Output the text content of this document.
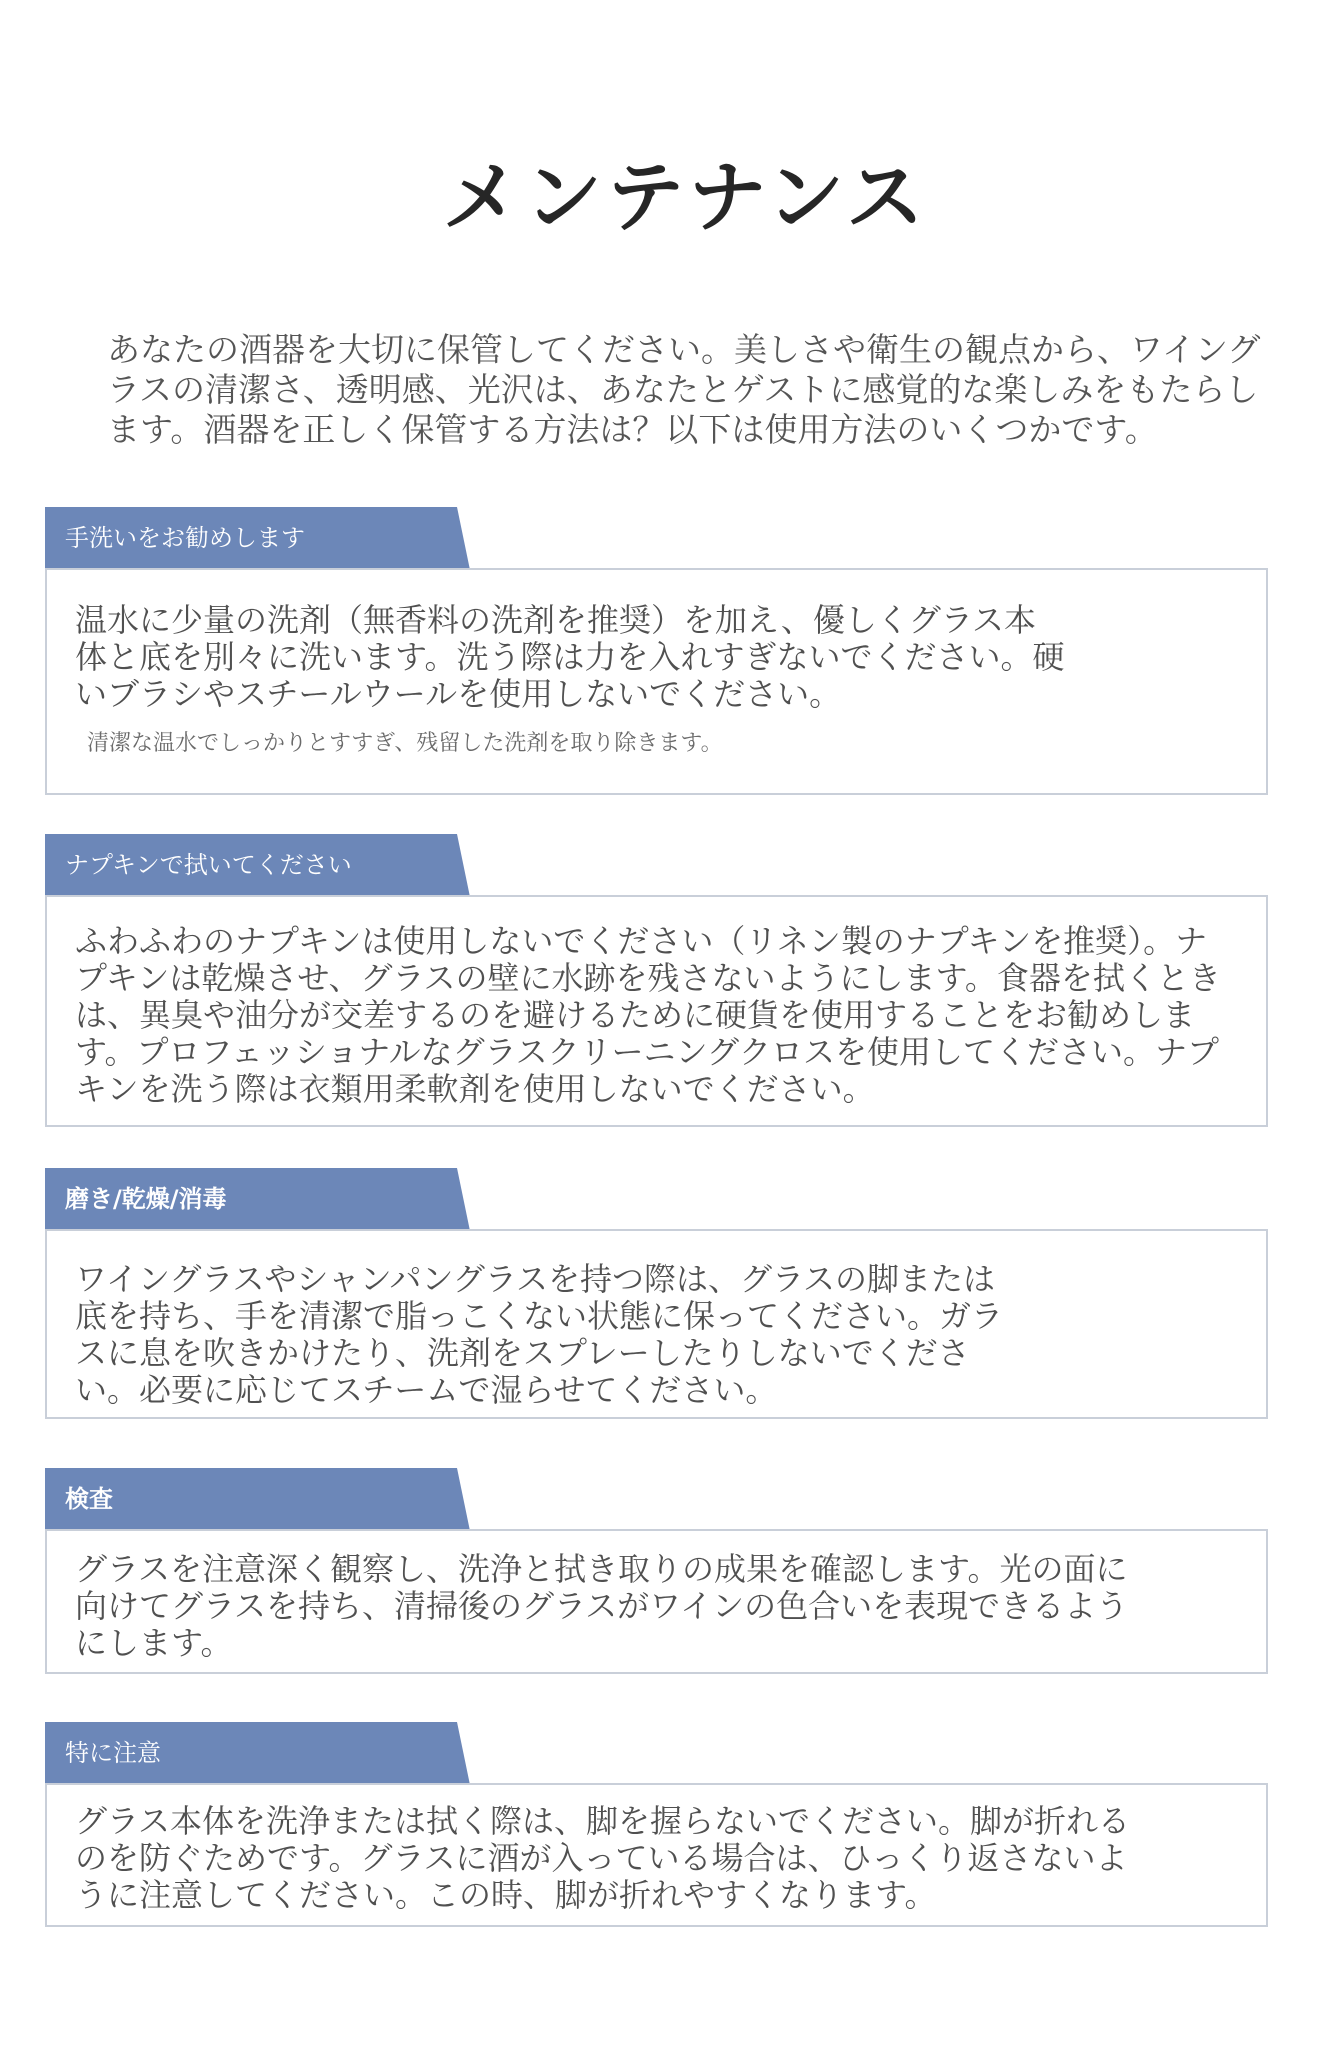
メンテナンス

あなたの酒器を大切に保管してください。美しさや衛生の観点から、ワイングラスの清潔さ、透明感、光沢は、あなたとゲストに感覚的な楽しみをもたらします。酒器を正しく保管する方法は？以下は使用方法のいくつかです。

手洗いをお勧めします

温水に少量の洗剤（無香料の洗剤を推奨）を加え、優しくグラス本体と底を別々に洗います。洗う際は力を入れすぎないでください。硬いブラシやスチールウールを使用しないでください。

清潔な温水でしっかりとすすぎ、残留した洗剤を取り除きます。

ナプキンで拭いてください

ふわふわのナプキンは使用しないでください（リネン製のナプキンを推奨）。ナプキンは乾燥させ、グラスの壁に水跡を残さないようにします。食器を拭くときは、異臭や油分が交差するのを避けるために硬貨を使用することをお勧めします。プロフェッショナルなグラスクリーニングクロスを使用してください。ナプキンを洗う際は衣類用柔軟剤を使用しないでください。

磨き/乾燥/消毒

ワイングラスやシャンパングラスを持つ際は、グラスの脚または底を持ち、手を清潔で脂っこくない状態に保ってください。ガラスに息を吹きかけたり、洗剤をスプレーしたりしないでください。必要に応じてスチームで湿らせてください。

検査

グラスを注意深く観察し、洗浄と拭き取りの成果を確認します。光の面に向けてグラスを持ち、清掃後のグラスがワインの色合いを表現できるようにします。

特に注意

グラス本体を洗浄または拭く際は、脚を握らないでください。脚が折れるのを防ぐためです。グラスに酒が入っている場合は、ひっくり返さないように注意してください。この時、脚が折れやすくなります。
